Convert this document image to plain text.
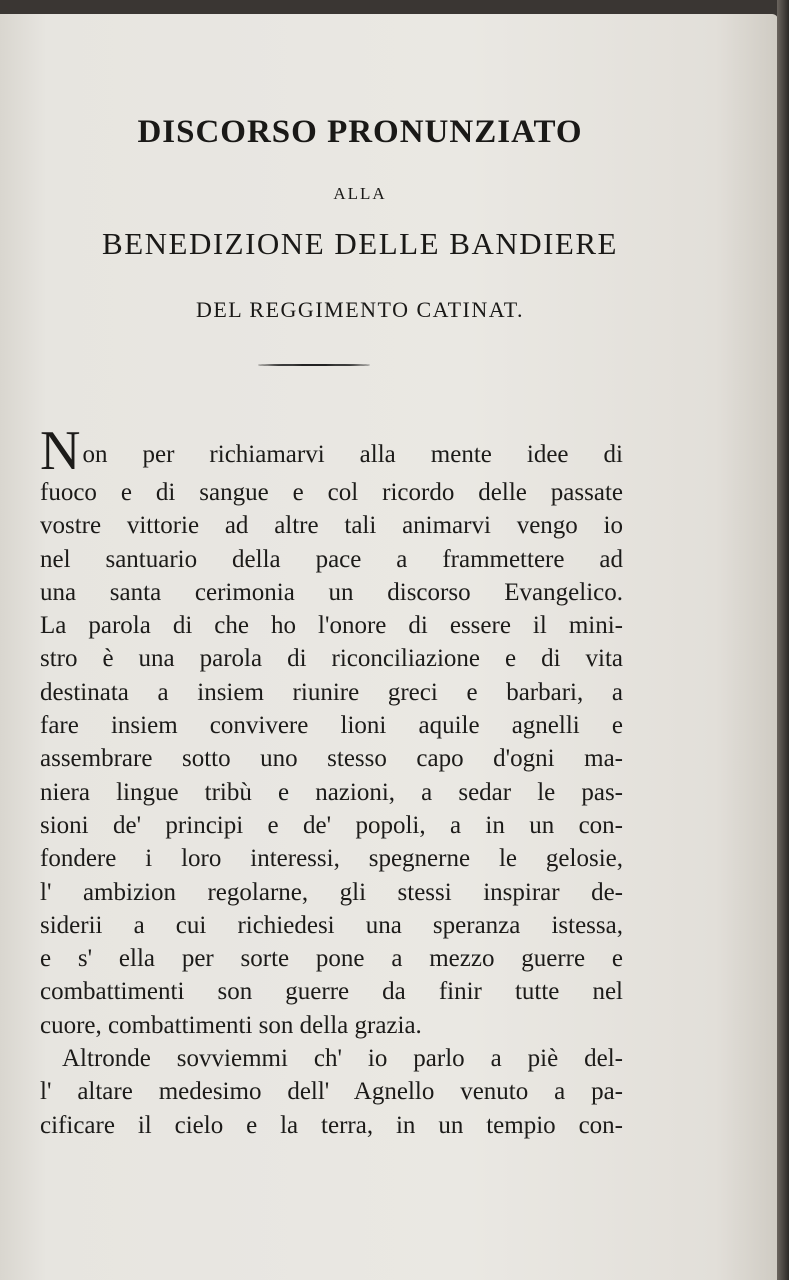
DISCORSO PRONUNZIATO
ALLA
BENEDIZIONE DELLE BANDIERE
DEL REGGIMENTO CATINAT.
N on per richiamarvi alla mente idee di
fuoco e di sangue e col ricordo delle passate
vostre vittorie ad altre tali animarvi vengo io
nel santuario della pace a frammettere ad
una santa cerimonia un discorso Evangelico.
La parola di che ho l'onore di essere il mini-
stro è una parola di riconciliazione e di vita
destinata a insiem riunire greci e barbari, a
fare insiem convivere lioni aquile agnelli e
assembrare sotto uno stesso capo d'ogni ma-
niera lingue tribù e nazioni, a sedar le pas-
sioni de' principi e de' popoli, a in un con-
fondere i loro interessi, spegnerne le gelosie,
l' ambizion regolarne, gli stessi inspirar de-
siderii a cui richiedesi una speranza istessa,
e s' ella per sorte pone a mezzo guerre e
combattimenti son guerre da finir tutte nel
cuore, combattimenti son della grazia.
Altronde sovviemmi ch' io parlo a piè del-
l' altare medesimo dell' Agnello venuto a pa-
cificare il cielo e la terra, in un tempio con-
